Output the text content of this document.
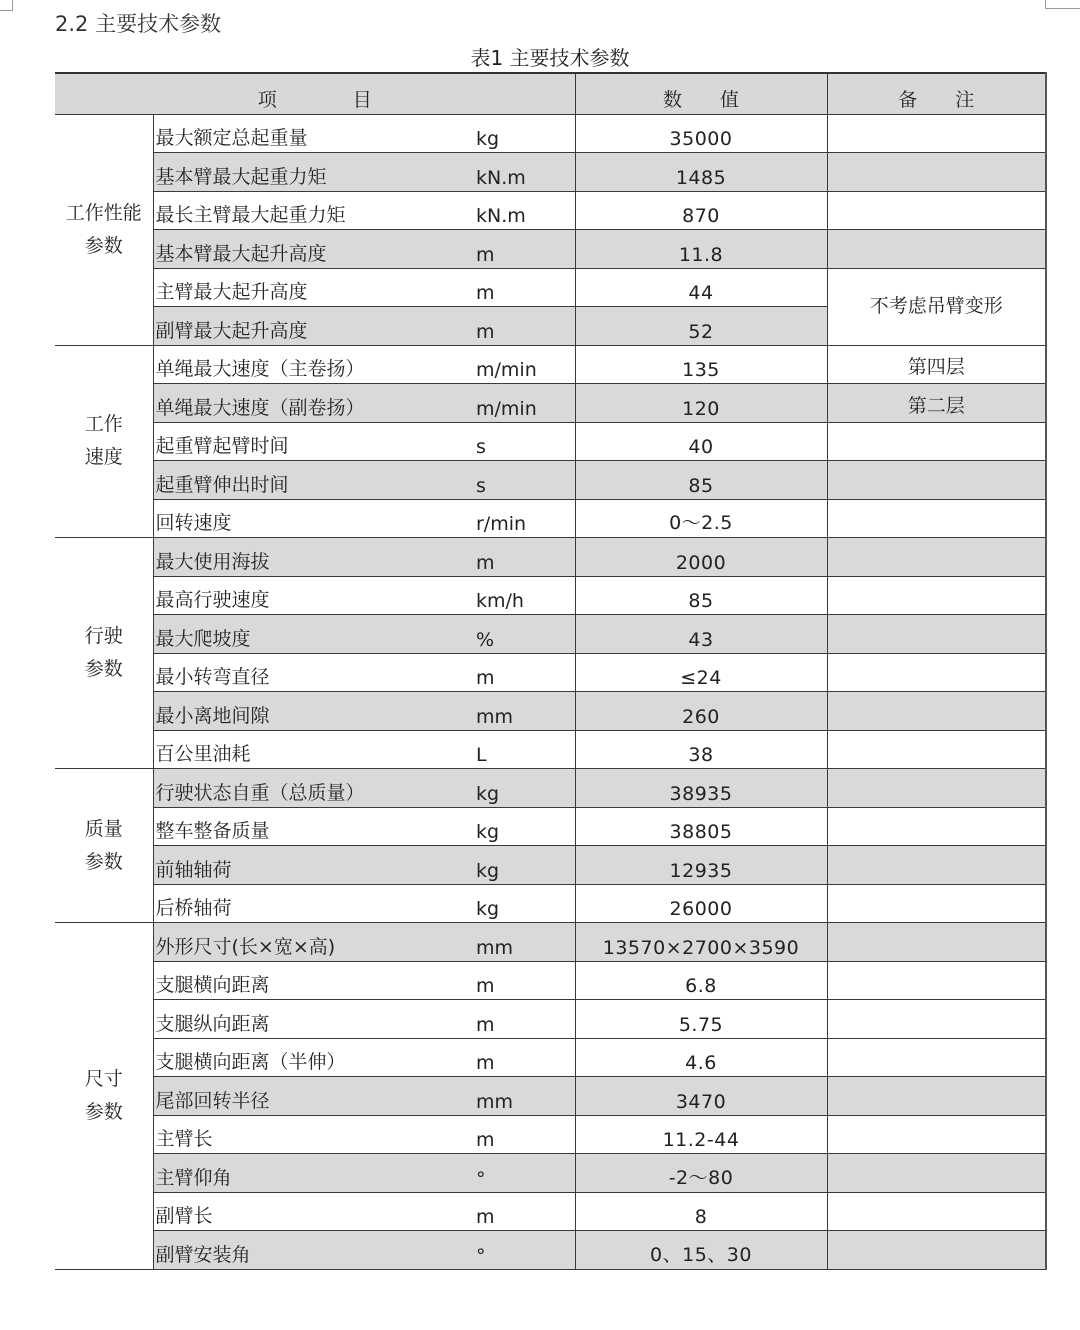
2.2 主要技术参数
表1 主要技术参数
项　　　　目			数　　值	备　　注

工作性能
参数	最大额定总起重量	kg	35000	
	基本臂最大起重力矩	kN.m	1485	
	最长主臂最大起重力矩	kN.m	870	
	基本臂最大起升高度	m	11.8	
	主臂最大起升高度	m	44	不考虑吊臂变形
	副臂最大起升高度	m	52	

工作
速度	单绳最大速度（主卷扬）	m/min	135	第四层
	单绳最大速度（副卷扬）	m/min	120	第二层
	起重臂起臂时间	s	40	
	起重臂伸出时间	s	85	
	回转速度	r/min	0～2.5	

行驶
参数	最大使用海拔	m	2000	
	最高行驶速度	km/h	85	
	最大爬坡度	%	43	
	最小转弯直径	m	≤24	
	最小离地间隙	mm	260	
	百公里油耗	L	38	

质量
参数	行驶状态自重（总质量）	kg	38935	
	整车整备质量	kg	38805	
	前轴轴荷	kg	12935	
	后桥轴荷	kg	26000	

尺寸
参数	外形尺寸(长×宽×高)	mm	13570×2700×3590	
	支腿横向距离	m	6.8	
	支腿纵向距离	m	5.75	
	支腿横向距离（半伸）	m	4.6	
	尾部回转半径	mm	3470	
	主臂长	m	11.2-44	
	主臂仰角	°	-2～80	
	副臂长	m	8	
	副臂安装角	°	0、15、30	
